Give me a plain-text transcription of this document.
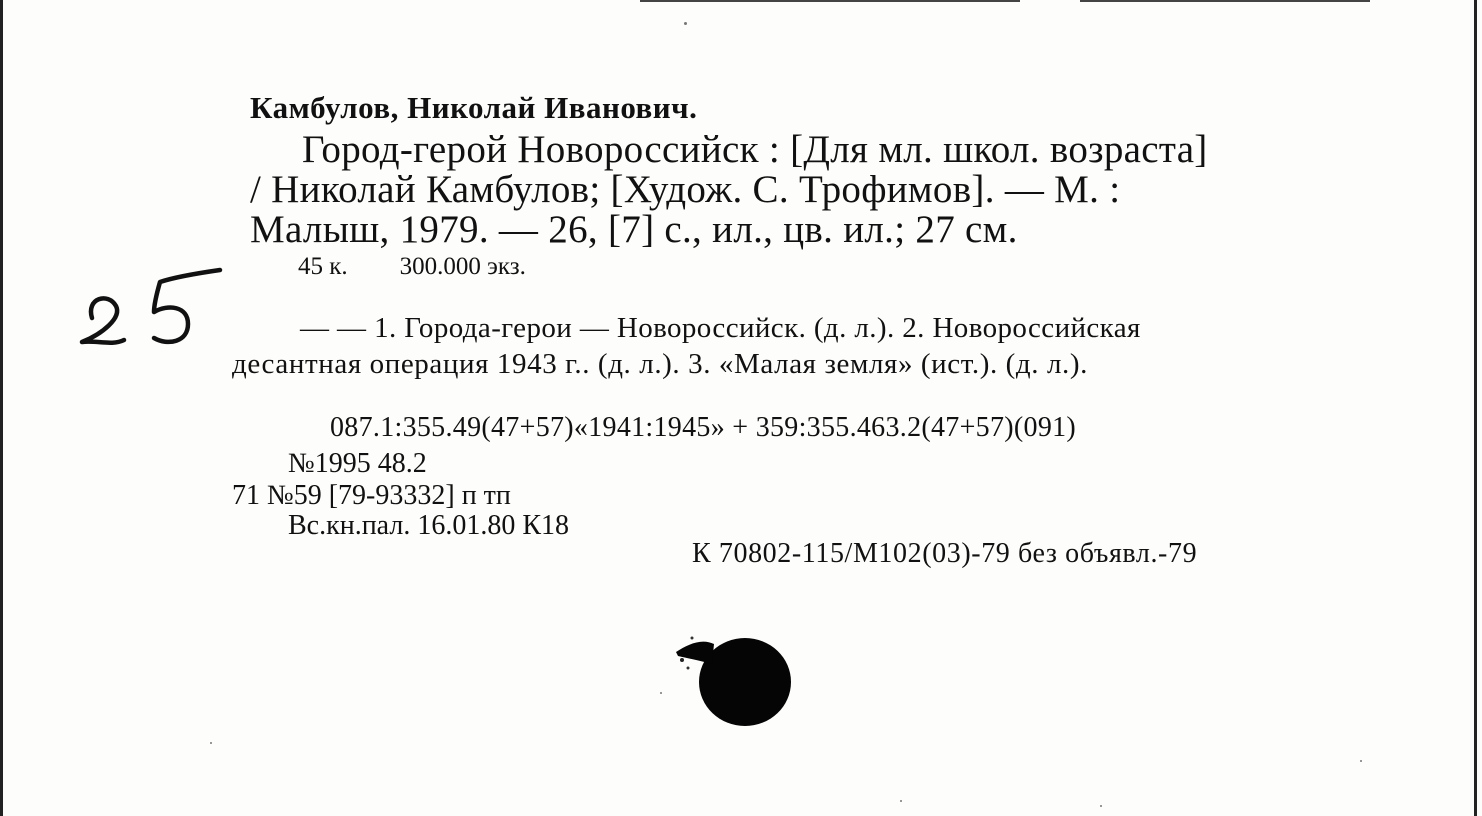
Камбулов, Николай Иванович.
Город-герой Новороссийск : [Для мл. школ. возраста]
/ Николай Камбулов; [Худож. С. Трофимов]. — М. :
Малыш, 1979. — 26, [7] с., ил., цв. ил.; 27 см.
45 к. 300.000 экз.
— — 1. Города-герои — Новороссийск. (д. л.). 2. Новороссийская
десантная операция 1943 г.. (д. л.). 3. «Малая земля» (ист.). (д. л.).
087.1:355.49(47+57)«1941:1945» + 359:355.463.2(47+57)(091)
№1995 48.2
71 №59 [79-93332] п тп
Вс.кн.пал. 16.01.80 К18
К 70802-115/М102(03)-79 без объявл.-79
